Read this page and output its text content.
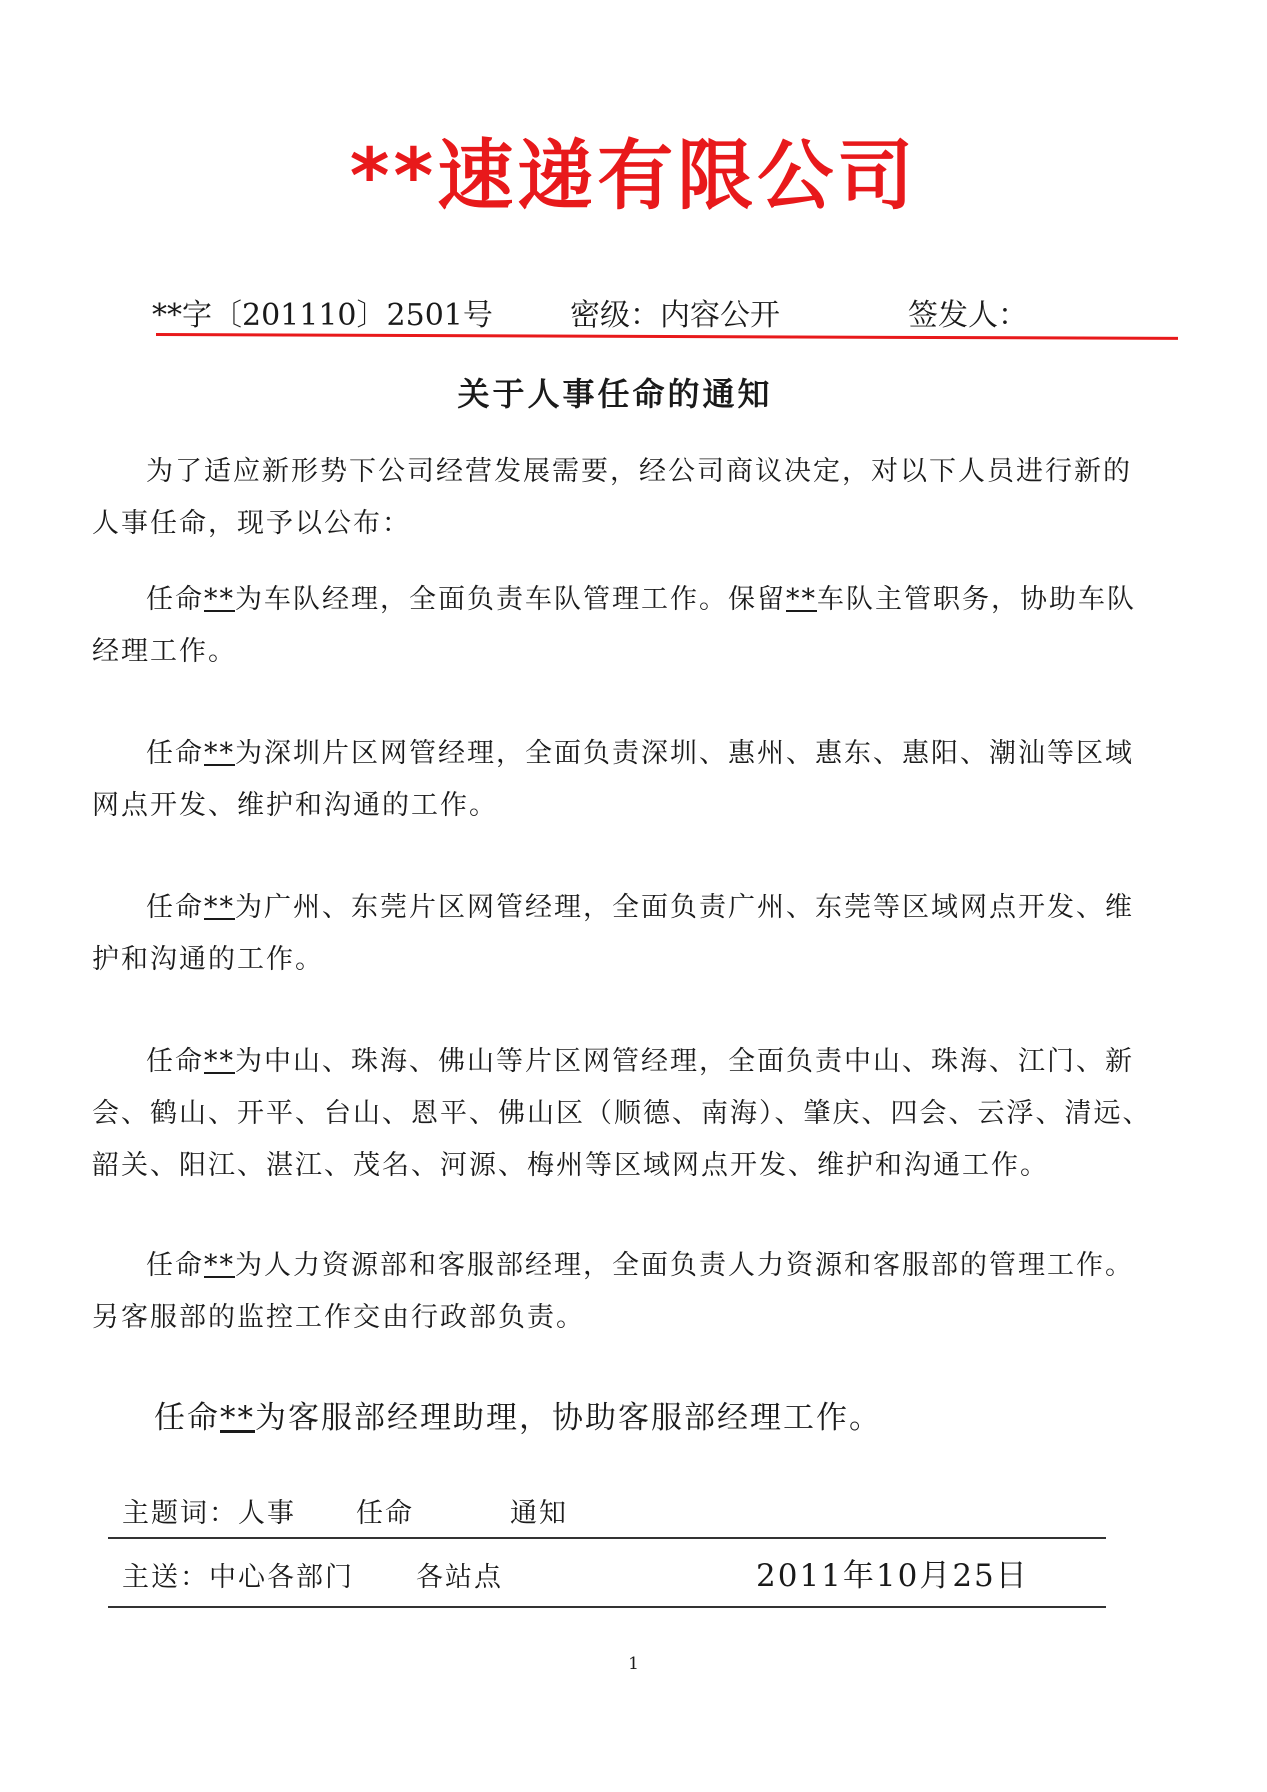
**速递有限公司
**字〔201110〕2501号	密级：内容公开	签发人：
关于人事任命的通知
为了适应新形势下公司经营发展需要，经公司商议决定，对以下人员进行新的人事任命，现予以公布：
任命**为车队经理，全面负责车队管理工作。保留**车队主管职务，协助车队经理工作。
任命**为深圳片区网管经理，全面负责深圳、惠州、惠东、惠阳、潮汕等区域网点开发、维护和沟通的工作。
任命**为广州、东莞片区网管经理，全面负责广州、东莞等区域网点开发、维护和沟通的工作。
任命**为中山、珠海、佛山等片区网管经理，全面负责中山、珠海、江门、新会、鹤山、开平、台山、恩平、佛山区（顺德、南海）、肇庆、四会、云浮、清远、韶关、阳江、湛江、茂名、河源、梅州等区域网点开发、维护和沟通工作。
任命**为人力资源部和客服部经理，全面负责人力资源和客服部的管理工作。另客服部的监控工作交由行政部负责。
任命**为客服部经理助理，协助客服部经理工作。
主题词：人事 任命	通知
主送：中心各部门 各站点	2011年10月25日
1
